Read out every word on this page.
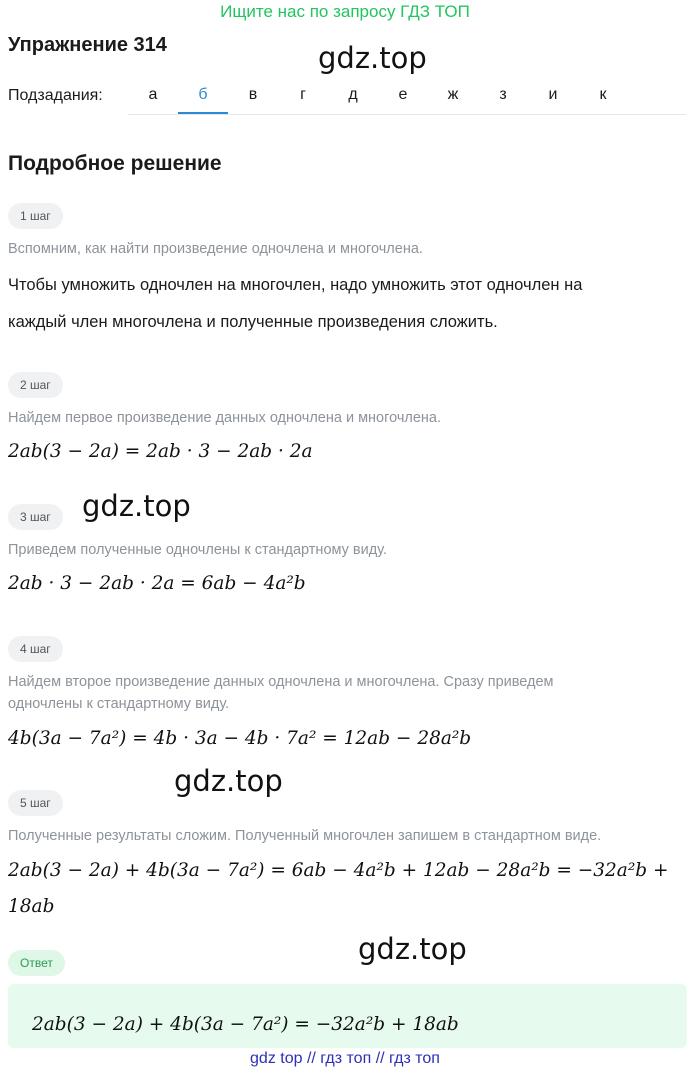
Ищите нас по запросу ГДЗ ТОП
Упражнение 314	gdz.top
Подзадания:	а	б	в	г	д	е	ж	з	и	к
Подробное решение
1 шаг
Вспомним, как найти произведение одночлена и многочлена.
Чтобы умножить одночлен на многочлен, надо умножить этот одночлен на
каждый член многочлена и полученные произведения сложить.
2 шаг
Найдем первое произведение данных одночлена и многочлена.
2ab(3 − 2a) = 2ab · 3 − 2ab · 2a
gdz.top
3 шаг
Приведем полученные одночлены к стандартному виду.
2ab · 3 − 2ab · 2a = 6ab − 4a²b
4 шаг
Найдем второе произведение данных одночлена и многочлена. Сразу приведем
одночлены к стандартному виду.
4b(3a − 7a²) = 4b · 3a − 4b · 7a² = 12ab − 28a²b
gdz.top
5 шаг
Полученные результаты сложим. Полученный многочлен запишем в стандартном виде.
2ab(3 − 2a) + 4b(3a − 7a²) = 6ab − 4a²b + 12ab − 28a²b = −32a²b +
18ab
gdz.top
Ответ
2ab(3 − 2a) + 4b(3a − 7a²) = −32a²b + 18ab
gdz top // гдз топ // гдз топ
